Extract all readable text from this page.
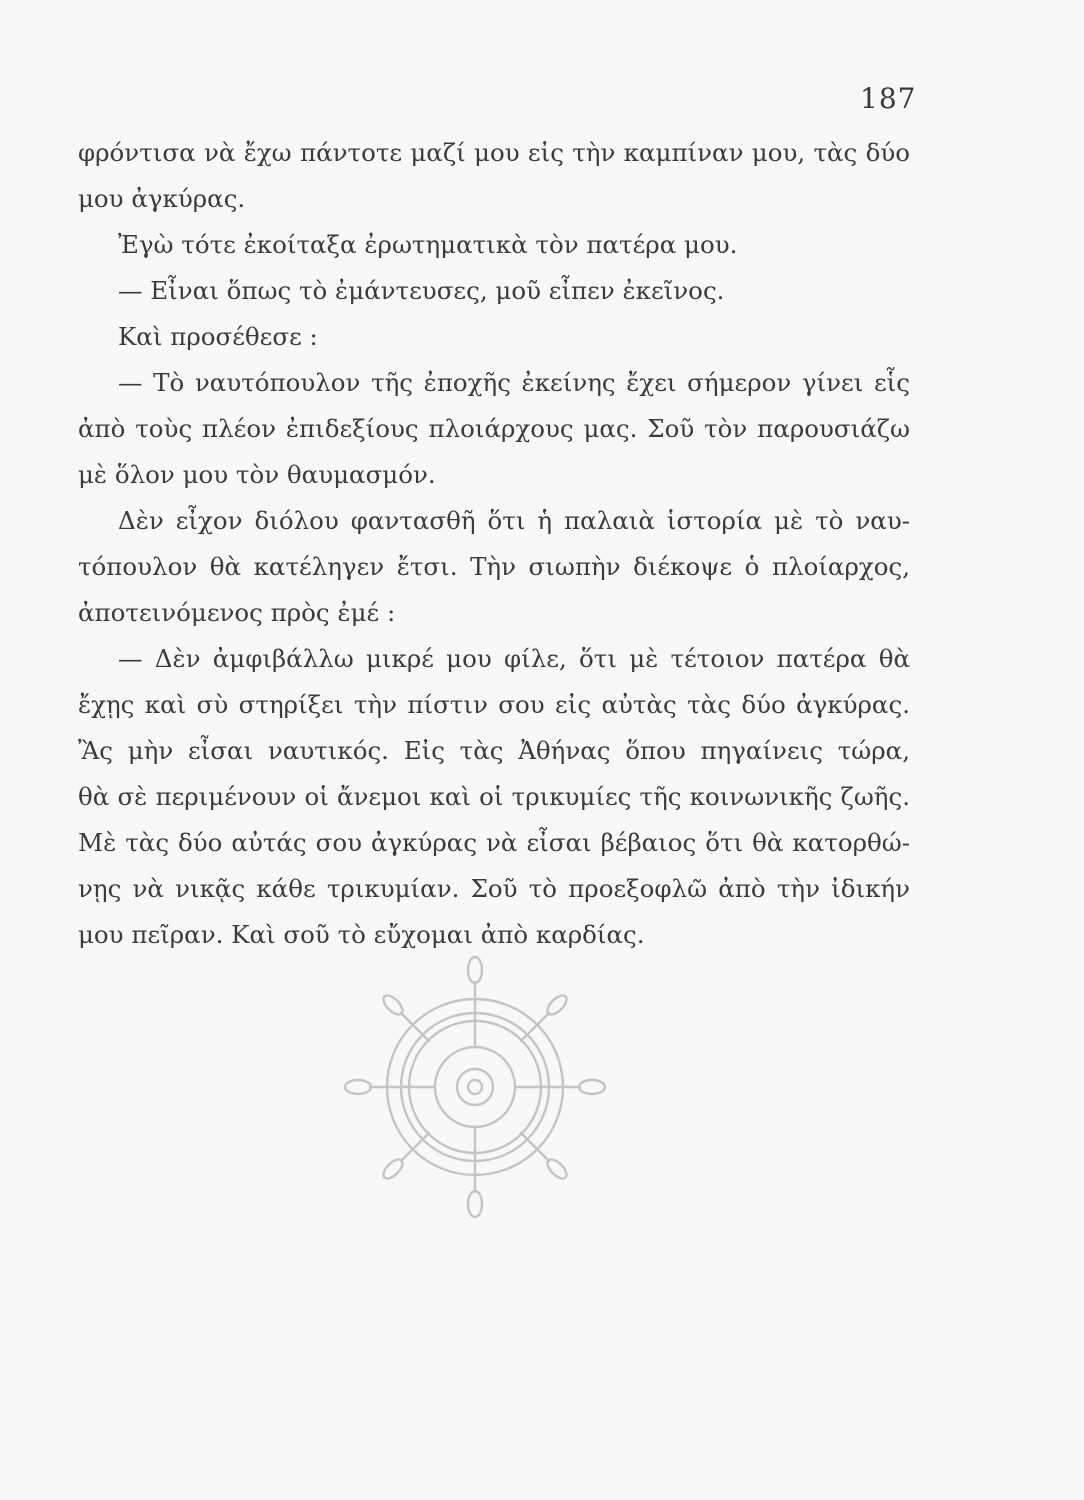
187
φρόντισα νὰ ἔχω πάντοτε μαζί μου εἰς τὴν καμπίναν μου, τὰς δύο
μου ἀγκύρας.
Ἐγὼ τότε ἐκοίταξα ἐρωτηματικὰ τὸν πατέρα μου.
— Εἶναι ὅπως τὸ ἐμάντευσες, μοῦ εἶπεν ἐκεῖνος.
Καὶ προσέθεσε :
— Τὸ ναυτόπουλον τῆς ἐποχῆς ἐκείνης ἔχει σήμερον γίνει εἷς
ἀπὸ τοὺς πλέον ἐπιδεξίους πλοιάρχους μας. Σοῦ τὸν παρουσιάζω
μὲ ὅλον μου τὸν θαυμασμόν.
Δὲν εἶχον διόλου φαντασθῆ ὅτι ἡ παλαιὰ ἱστορία μὲ τὸ ναυ-
τόπουλον θὰ κατέληγεν ἔτσι. Τὴν σιωπὴν διέκοψε ὁ πλοίαρχος,
ἀποτεινόμενος πρὸς ἐμέ :
— Δὲν ἀμφιβάλλω μικρέ μου φίλε, ὅτι μὲ τέτοιον πατέρα θὰ
ἔχῃς καὶ σὺ στηρίξει τὴν πίστιν σου εἰς αὐτὰς τὰς δύο ἀγκύρας.
Ἂς μὴν εἶσαι ναυτικός. Εἰς τὰς Ἀθήνας ὅπου πηγαίνεις τώρα,
θὰ σὲ περιμένουν οἱ ἄνεμοι καὶ οἱ τρικυμίες τῆς κοινωνικῆς ζωῆς.
Μὲ τὰς δύο αὐτάς σου ἀγκύρας νὰ εἶσαι βέβαιος ὅτι θὰ κατορθώ-
νῃς νὰ νικᾷς κάθε τρικυμίαν. Σοῦ τὸ προεξοφλῶ ἀπὸ τὴν ἰδικήν
μου πεῖραν. Καὶ σοῦ τὸ εὔχομαι ἀπὸ καρδίας.
